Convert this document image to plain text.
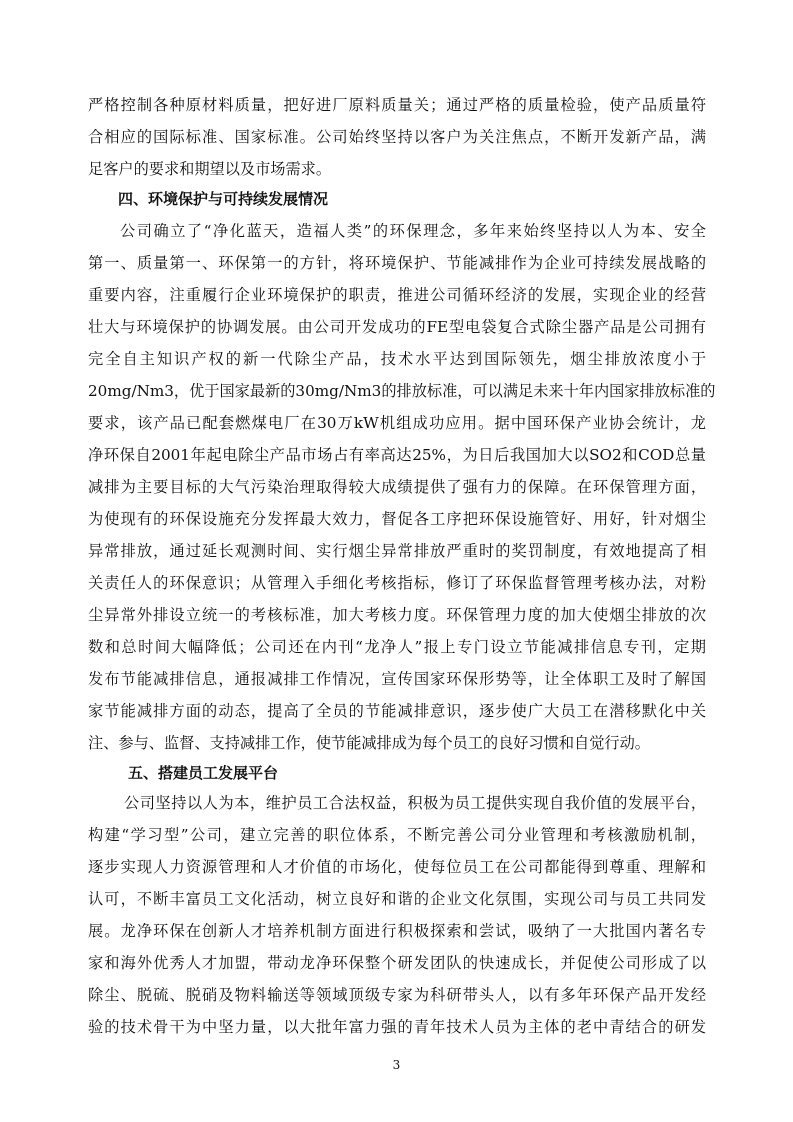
严格控制各种原材料质量，把好进厂原料质量关；通过严格的质量检验，使产品质量符
合相应的国际标准、国家标准。公司始终坚持以客户为关注焦点，不断开发新产品，满
足客户的要求和期望以及市场需求。
四、环境保护与可持续发展情况
公司确立了“净化蓝天，造福人类”的环保理念，多年来始终坚持以人为本、安全
第一、质量第一、环保第一的方针，将环境保护、节能减排作为企业可持续发展战略的
重要内容，注重履行企业环境保护的职责，推进公司循环经济的发展，实现企业的经营
壮大与环境保护的协调发展。由公司开发成功的FE型电袋复合式除尘器产品是公司拥有
完全自主知识产权的新一代除尘产品，技术水平达到国际领先，烟尘排放浓度小于
20mg/Nm3，优于国家最新的30mg/Nm3的排放标准，可以满足未来十年内国家排放标准的
要求，该产品已配套燃煤电厂在30万kW机组成功应用。据中国环保产业协会统计，龙
净环保自2001年起电除尘产品市场占有率高达25%，为日后我国加大以SO2和COD总量
减排为主要目标的大气污染治理取得较大成绩提供了强有力的保障。在环保管理方面，
为使现有的环保设施充分发挥最大效力，督促各工序把环保设施管好、用好，针对烟尘
异常排放，通过延长观测时间、实行烟尘异常排放严重时的奖罚制度，有效地提高了相
关责任人的环保意识；从管理入手细化考核指标，修订了环保监督管理考核办法，对粉
尘异常外排设立统一的考核标准，加大考核力度。环保管理力度的加大使烟尘排放的次
数和总时间大幅降低；公司还在内刊“龙净人”报上专门设立节能减排信息专刊，定期
发布节能减排信息，通报减排工作情况，宣传国家环保形势等，让全体职工及时了解国
家节能减排方面的动态，提高了全员的节能减排意识，逐步使广大员工在潜移默化中关
注、参与、监督、支持减排工作，使节能减排成为每个员工的良好习惯和自觉行动。
五、搭建员工发展平台
公司坚持以人为本，维护员工合法权益，积极为员工提供实现自我价值的发展平台，
构建“学习型”公司，建立完善的职位体系，不断完善公司分业管理和考核激励机制，
逐步实现人力资源管理和人才价值的市场化，使每位员工在公司都能得到尊重、理解和
认可，不断丰富员工文化活动，树立良好和谐的企业文化氛围，实现公司与员工共同发
展。龙净环保在创新人才培养机制方面进行积极探索和尝试，吸纳了一大批国内著名专
家和海外优秀人才加盟，带动龙净环保整个研发团队的快速成长，并促使公司形成了以
除尘、脱硫、脱硝及物料输送等领域顶级专家为科研带头人，以有多年环保产品开发经
验的技术骨干为中坚力量，以大批年富力强的青年技术人员为主体的老中青结合的研发
3
